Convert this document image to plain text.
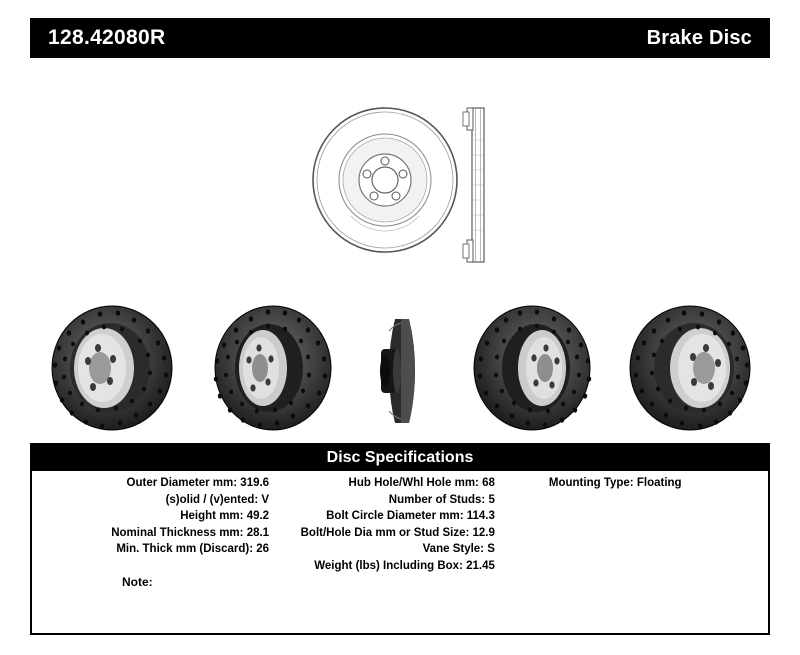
128.42080R	Brake Disc
Disc Specifications
Outer Diameter mm: 319.6
(s)olid / (v)ented: V
Height mm: 49.2
Nominal Thickness mm: 28.1
Min. Thick mm (Discard): 26
Hub Hole/Whl Hole mm: 68
Number of Studs: 5
Bolt Circle Diameter mm: 114.3
Bolt/Hole Dia mm or Stud Size: 12.9
Vane Style: S
Weight (lbs) Including Box: 21.45
Mounting Type: Floating
Note:
